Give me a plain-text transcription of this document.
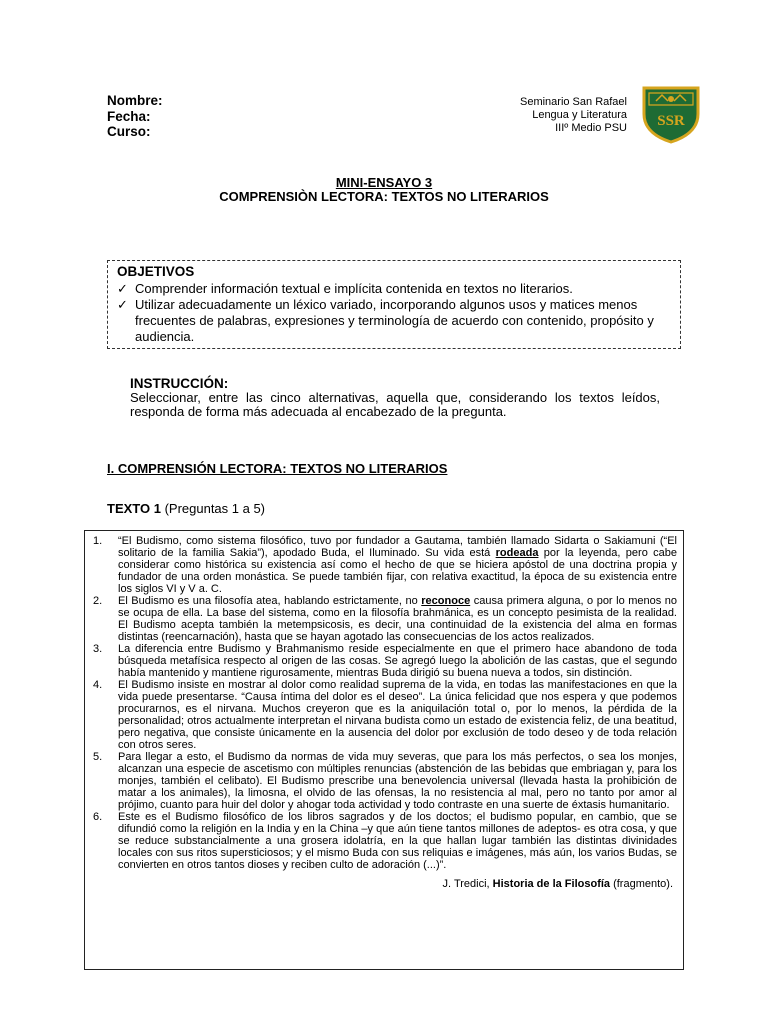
Nombre:
Fecha:
Curso:
Seminario San Rafael
Lengua y Literatura
IIIº Medio PSU SSR
MINI-ENSAYO 3
COMPRENSIÒN LECTORA: TEXTOS NO LITERARIOS
OBJETIVOS
✓ Comprender información textual e implícita contenida en textos no literarios.
✓ Utilizar adecuadamente un léxico variado, incorporando algunos usos y matices menos frecuentes de palabras, expresiones y terminología de acuerdo con contenido, propósito y audiencia.
INSTRUCCIÓN:
Seleccionar, entre las cinco alternativas, aquella que, considerando los textos leídos, responda de forma más adecuada al encabezado de la pregunta.
I. COMPRENSIÓN LECTORA: TEXTOS NO LITERARIOS
TEXTO 1 (Preguntas 1 a 5)
1.	“El Budismo, como sistema filosófico, tuvo por fundador a Gautama, también llamado Sidarta o Sakiamuni (“El solitario de la familia Sakia”), apodado Buda, el Iluminado. Su vida está rodeada por la leyenda, pero cabe considerar como histórica su existencia así como el hecho de que se hiciera apóstol de una doctrina propia y fundador de una orden monástica. Se puede también fijar, con relativa exactitud, la época de su existencia entre los siglos VI y V a. C.
2.	El Budismo es una filosofía atea, hablando estrictamente, no reconoce causa primera alguna, o por lo menos no se ocupa de ella. La base del sistema, como en la filosofía brahmánica, es un concepto pesimista de la realidad. El Budismo acepta también la metempsicosis, es decir, una continuidad de la existencia del alma en formas distintas (reencarnación), hasta que se hayan agotado las consecuencias de los actos realizados.
3.	La diferencia entre Budismo y Brahmanismo reside especialmente en que el primero hace abandono de toda búsqueda metafísica respecto al origen de las cosas. Se agregó luego la abolición de las castas, que el segundo había mantenido y mantiene rigurosamente, mientras Buda dirigió su buena nueva a todos, sin distinción.
4.	El Budismo insiste en mostrar al dolor como realidad suprema de la vida, en todas las manifestaciones en que la vida puede presentarse. “Causa íntima del dolor es el deseo”. La única felicidad que nos espera y que podemos procurarnos, es el nirvana. Muchos creyeron que es la aniquilación total o, por lo menos, la pérdida de la personalidad; otros actualmente interpretan el nirvana budista como un estado de existencia feliz, de una beatitud, pero negativa, que consiste únicamente en la ausencia del dolor por exclusión de todo deseo y de toda relación con otros seres.
5.	Para llegar a esto, el Budismo da normas de vida muy severas, que para los más perfectos, o sea los monjes, alcanzan una especie de ascetismo con múltiples renuncias (abstención de las bebidas que embriagan y, para los monjes, también el celibato). El Budismo prescribe una benevolencia universal (llevada hasta la prohibición de matar a los animales), la limosna, el olvido de las ofensas, la no resistencia al mal, pero no tanto por amor al prójimo, cuanto para huir del dolor y ahogar toda actividad y todo contraste en una suerte de éxtasis humanitario.
6.	Este es el Budismo filosófico de los libros sagrados y de los doctos; el budismo popular, en cambio, que se difundió como la religión en la India y en la China –y que aún tiene tantos millones de adeptos- es otra cosa, y que se reduce substancialmente a una grosera idolatría, en la que hallan lugar también las distintas divinidades locales con sus ritos supersticiosos; y el mismo Buda con sus reliquias e imágenes, más aún, los varios Budas, se convierten en otros tantos dioses y reciben culto de adoración (...)”.
J. Tredici, Historia de la Filosofía (fragmento).
